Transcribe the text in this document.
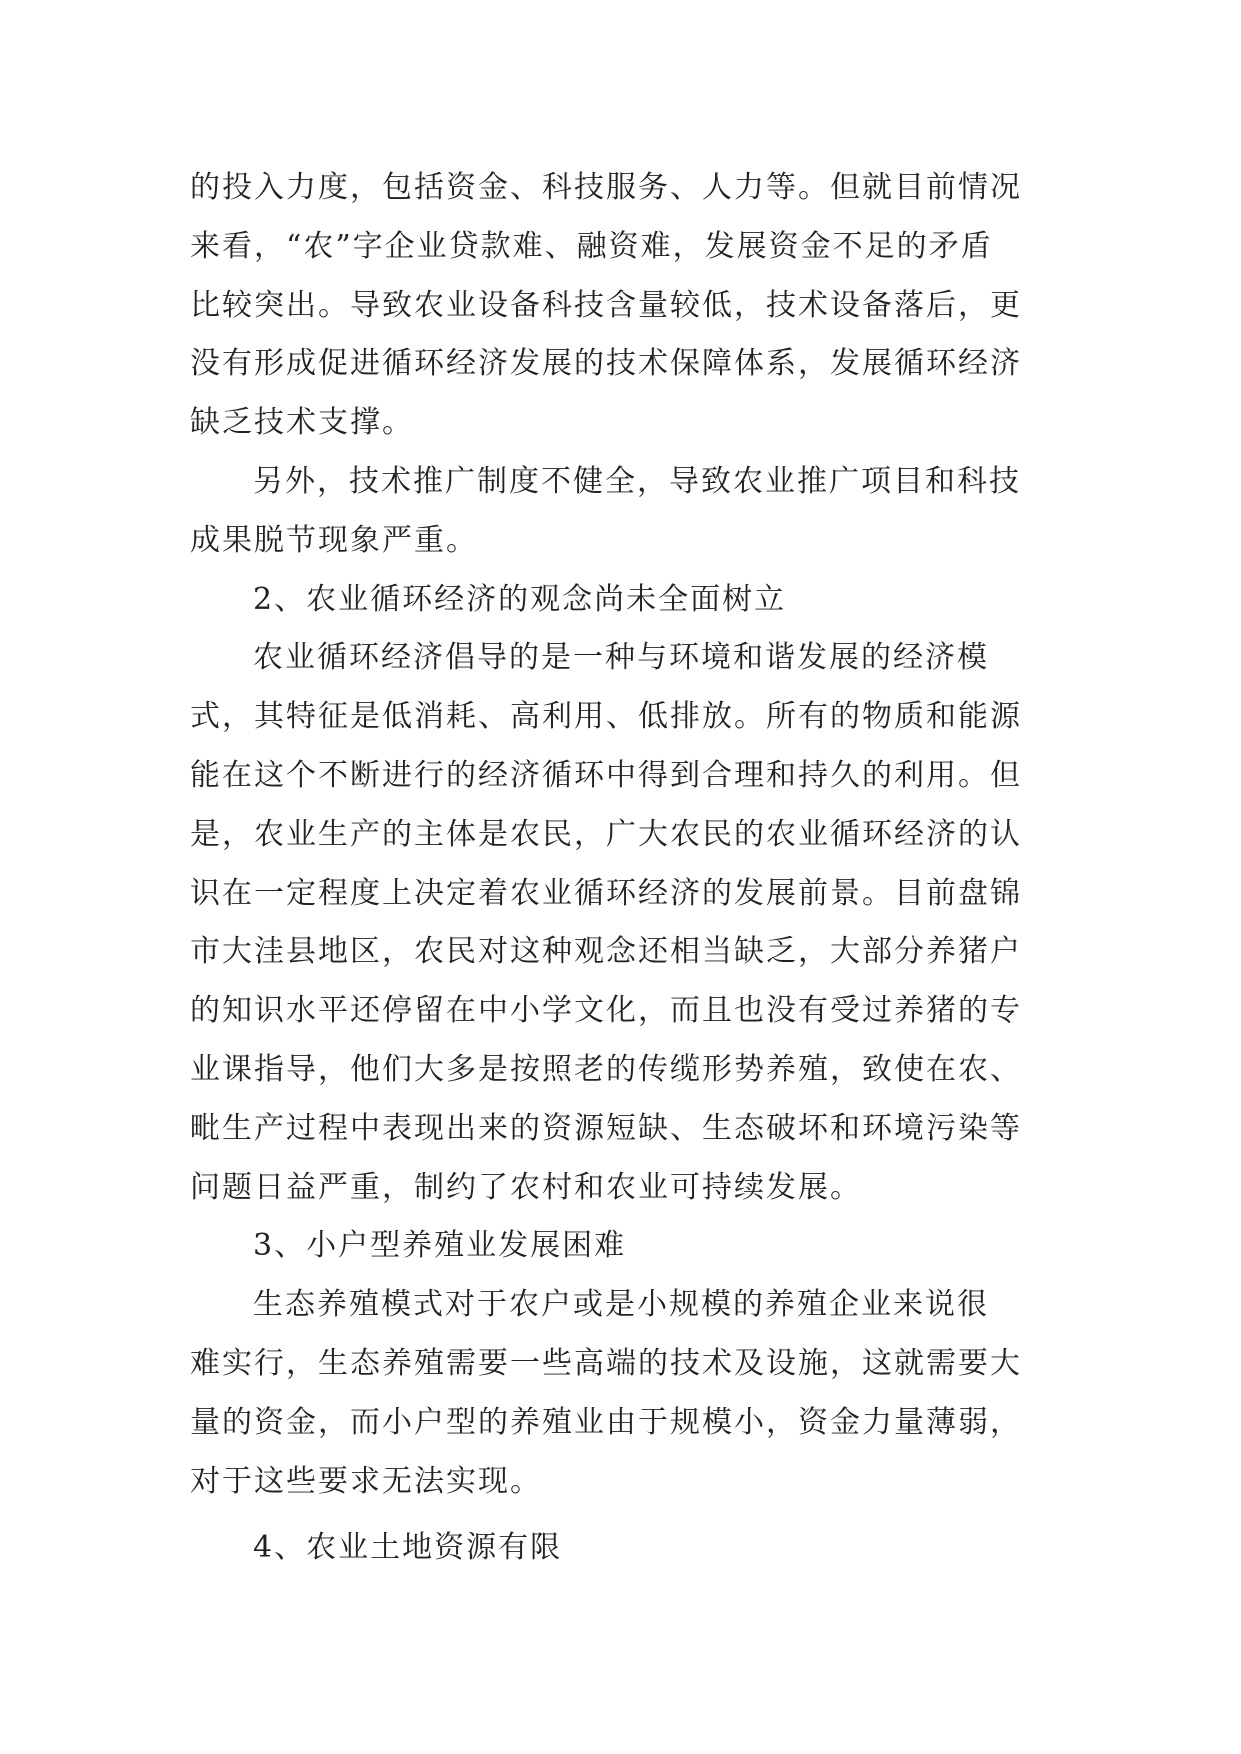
的投入力度，包括资金、科技服务、人力等。但就目前情况
来看，“农”字企业贷款难、融资难，发展资金不足的矛盾
比较突出。导致农业设备科技含量较低，技术设备落后，更
没有形成促进循环经济发展的技术保障体系，发展循环经济
缺乏技术支撑。

另外，技术推广制度不健全，导致农业推广项目和科技
成果脱节现象严重。

2、农业循环经济的观念尚未全面树立

农业循环经济倡导的是一种与环境和谐发展的经济模
式，其特征是低消耗、高利用、低排放。所有的物质和能源
能在这个不断进行的经济循环中得到合理和持久的利用。但
是，农业生产的主体是农民，广大农民的农业循环经济的认
识在一定程度上决定着农业循环经济的发展前景。目前盘锦
市大洼县地区，农民对这种观念还相当缺乏，大部分养猪户
的知识水平还停留在中小学文化，而且也没有受过养猪的专
业课指导，他们大多是按照老的传缆形势养殖，致使在农、
毗生产过程中表现出来的资源短缺、生态破坏和环境污染等
问题日益严重，制约了农村和农业可持续发展。

3、小户型养殖业发展困难

生态养殖模式对于农户或是小规模的养殖企业来说很
难实行，生态养殖需要一些高端的技术及设施，这就需要大
量的资金，而小户型的养殖业由于规模小，资金力量薄弱，
对于这些要求无法实现。

4、农业土地资源有限
